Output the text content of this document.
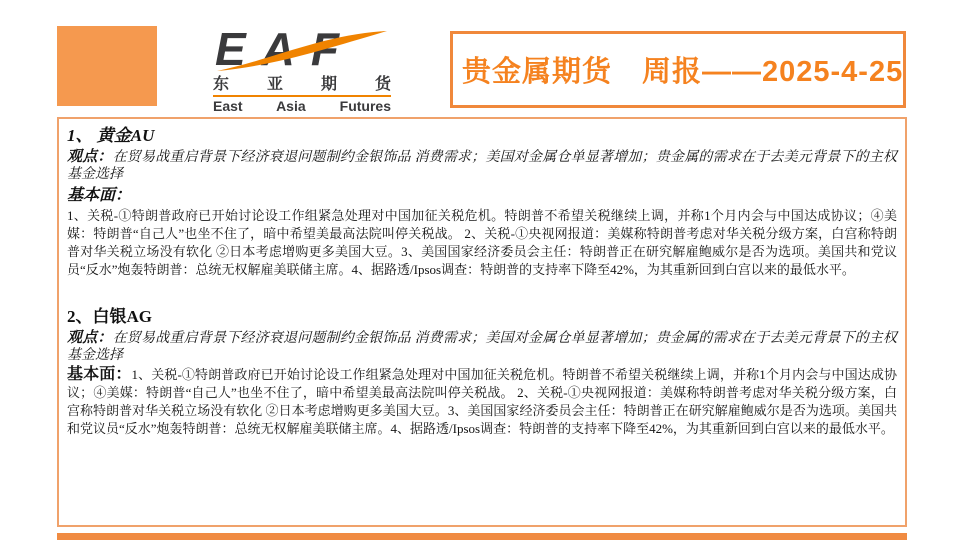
EAF
东亚期货
East Asia Futures
贵金属期货　周报——2025-4-25
1、 黄金AU

观点：在贸易战重启背景下经济衰退问题制约金银饰品 消费需求；美国对金属仓单显著增加；贵金属的需求在于去美元背景下的主权基金选择

基本面：

1、关税-①特朗普政府已开始讨论设工作组紧急处理对中国加征关税危机。特朗普不希望关税继续上调，并称1个月内会与中国达成协议；④美媒：特朗普“自己人”也坐不住了，暗中希望美最高法院叫停关税战。 2、关税-①央视网报道：美媒称特朗普考虑对华关税分级方案，白宫称特朗普对华关税立场没有软化 ②日本考虑增购更多美国大豆。3、美国国家经济委员会主任：特朗普正在研究解雇鲍威尔是否为选项。美国共和党议员“反水”炮轰特朗普：总统无权解雇美联储主席。4、据路透/Ipsos调查：特朗普的支持率下降至42%，为其重新回到白宫以来的最低水平。

2、白银AG

观点：在贸易战重启背景下经济衰退问题制约金银饰品 消费需求；美国对金属仓单显著增加；贵金属的需求在于去美元背景下的主权基金选择

基本面：1、关税-①特朗普政府已开始讨论设工作组紧急处理对中国加征关税危机。特朗普不希望关税继续上调，并称1个月内会与中国达成协议；④美媒：特朗普“自己人”也坐不住了，暗中希望美最高法院叫停关税战。 2、关税-①央视网报道：美媒称特朗普考虑对华关税分级方案，白宫称特朗普对华关税立场没有软化 ②日本考虑增购更多美国大豆。3、美国国家经济委员会主任：特朗普正在研究解雇鲍威尔是否为选项。美国共和党议员“反水”炮轰特朗普：总统无权解雇美联储主席。4、据路透/Ipsos调查：特朗普的支持率下降至42%，为其重新回到白宫以来的最低水平。
